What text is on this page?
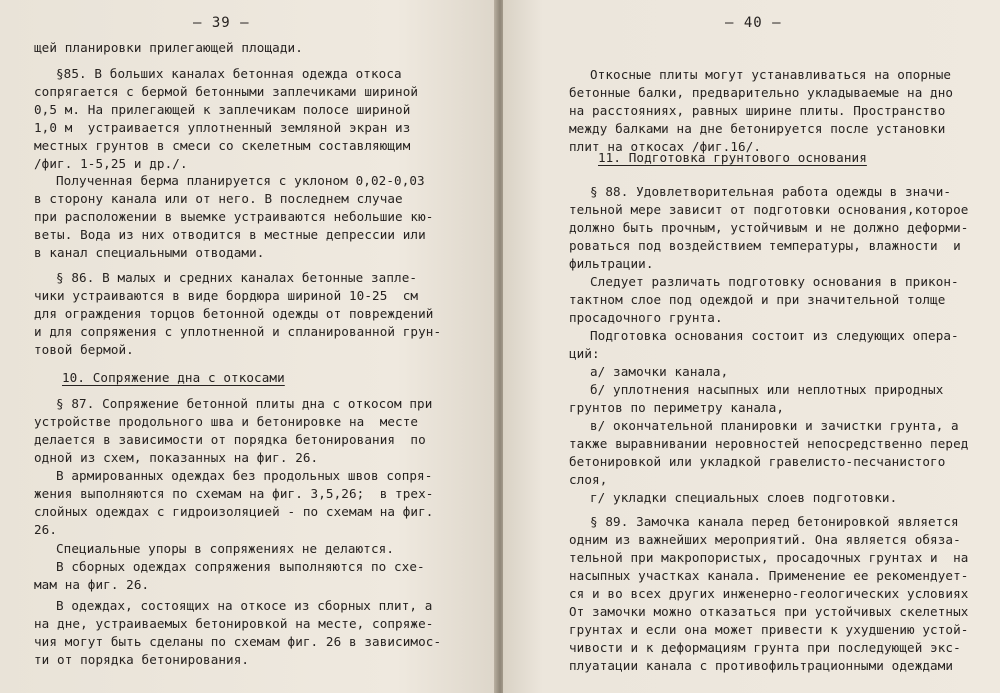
— 39 —
щей планировки прилегающей площади.
§85. В больших каналах бетонная одежда откоса
сопрягается с бермой бетонными заплечиками шириной
0,5 м. На прилегающей к заплечикам полосе шириной
1,0 м  устраивается уплотненный земляной экран из
местных грунтов в смеси со скелетным составляющим
/фиг. 1-5,25 и др./.
Полученная берма планируется с уклоном 0,02-0,03
в сторону канала или от него. В последнем случае
при расположении в выемке устраиваются небольшие кю-
веты. Вода из них отводится в местные депрессии или
в канал специальными отводами.
§ 86. В малых и средних каналах бетонные запле-
чики устраиваются в виде бордюра шириной 10-25  см
для ограждения торцов бетонной одежды от повреждений
и для сопряжения с уплотненной и спланированной грун-
товой бермой.
10. Сопряжение дна с откосами
§ 87. Сопряжение бетонной плиты дна с откосом при
устройстве продольного шва и бетонировке на  месте
делается в зависимости от порядка бетонирования  по
одной из схем, показанных на фиг. 26.
В армированных одеждах без продольных швов сопря-
жения выполняются по схемам на фиг. 3,5,26;  в трех-
слойных одеждах с гидроизоляцией - по схемам на фиг.
26.
Специальные упоры в сопряжениях не делаются.
В сборных одеждах сопряжения выполняются по схе-
мам на фиг. 26.
В одеждах, состоящих на откосе из сборных плит, а
на дне, устраиваемых бетонировкой на месте, сопряже-
чия могут быть сделаны по схемам фиг. 26 в зависимос-
ти от порядка бетонирования.
— 40 —
Откосные плиты могут устанавливаться на опорные
бетонные балки, предварительно укладываемые на дно
на расстояниях, равных ширине плиты. Пространство
между балками на дне бетонируется после установки
плит на откосах /фиг.16/.
11. Подготовка грунтового основания
§ 88. Удовлетворительная работа одежды в значи-
тельной мере зависит от подготовки основания,которое
должно быть прочным, устойчивым и не должно деформи-
роваться под воздействием температуры, влажности  и
фильтрации.
Следует различать подготовку основания в прикон-
тактном слое под одеждой и при значительной толще
просадочного грунта.
Подготовка основания состоит из следующих опера-
ций:
а/ замочки канала,
б/ уплотнения насыпных или неплотных природных
грунтов по периметру канала,
в/ окончательной планировки и зачистки грунта, а
также выравнивании неровностей непосредственно перед
бетонировкой или укладкой гравелисто-песчанистого
слоя,
г/ укладки специальных слоев подготовки.
§ 89. Замочка канала перед бетонировкой является
одним из важнейших мероприятий. Она является обяза-
тельной при макропористых, просадочных грунтах и  на
насыпных участках канала. Применение ее рекомендует-
ся и во всех других инженерно-геологических условиях
От замочки можно отказаться при устойчивых скелетных
грунтах и если она может привести к ухудшению устой-
чивости и к деформациям грунта при последующей экс-
плуатации канала с противофильтрационными одеждами
